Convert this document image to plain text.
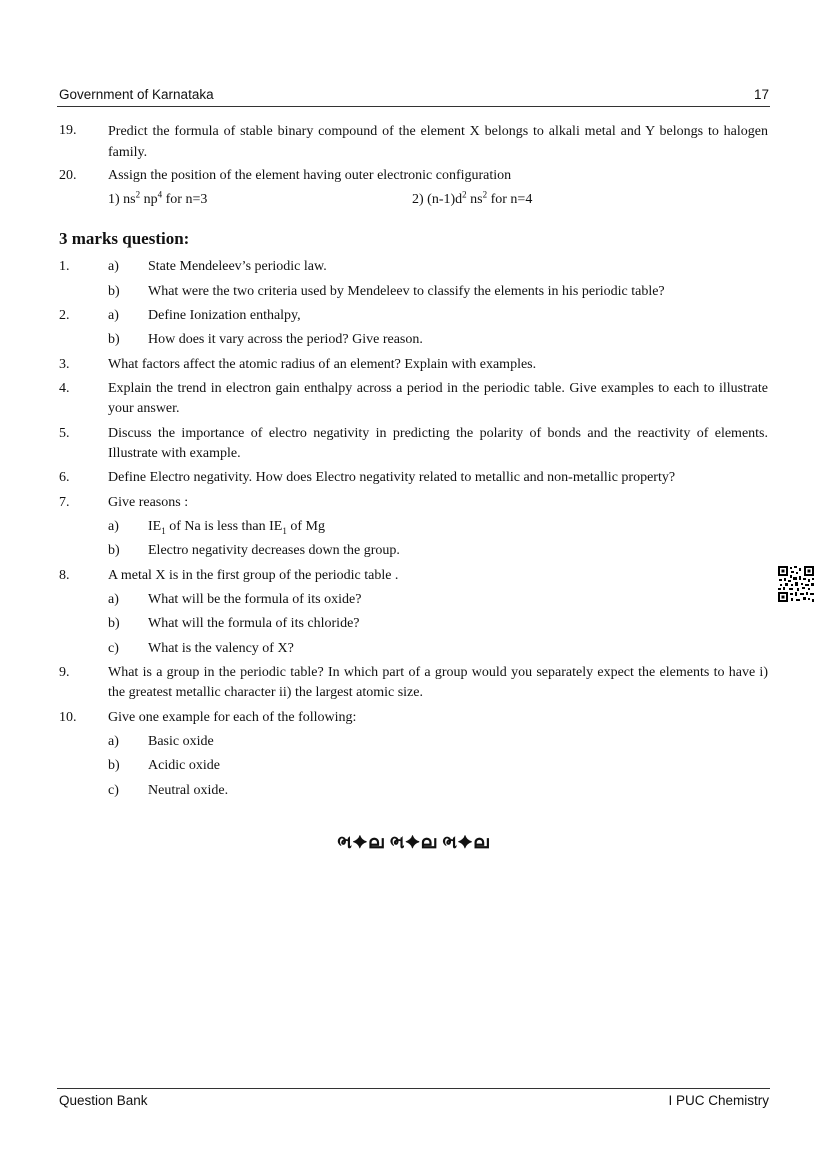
Government of Karnataka	17
19. Predict the formula of stable binary compound of the element X belongs to alkali metal and Y belongs to halogen family.
20. Assign the position of the element having outer electronic configuration
1) $ns^2$ $np^4$ for n=3	2) $(n-1)d^2$ $ns^2$ for n=4
3 marks question:
1.	a) State Mendeleev’s periodic law.
b) What were the two criteria used by Mendeleev to classify the elements in his periodic table?
2.	a) Define Ionization enthalpy,
b) How does it vary across the period? Give reason.
3.	What factors affect the atomic radius of an element? Explain with examples.
4.	Explain the trend in electron gain enthalpy across a period in the periodic table. Give examples to each to illustrate your answer.
5.	Discuss the importance of electro negativity in predicting the polarity of bonds and the reactivity of elements. Illustrate with example.
6.	Define Electro negativity. How does Electro negativity related to metallic and non-metallic property?
7.	Give reasons :
a) $IE_1$ of Na is less than $IE_1$ of Mg
b) Electro negativity decreases down the group.
8.	A metal X is in the first group of the periodic table .
a) What will be the formula of its oxide?
b) What will the formula of its chloride?
c) What is the valency of X?
9.	What is a group in the periodic table? In which part of a group would you separately expect the elements to have i) the greatest metallic character ii) the largest atomic size.
10. Give one example for each of the following:
a) Basic oxide
b) Acidic oxide
c) Neutral oxide.
ભ✦ല ભ✦ല ભ✦ല
Question Bank	I PUC Chemistry
